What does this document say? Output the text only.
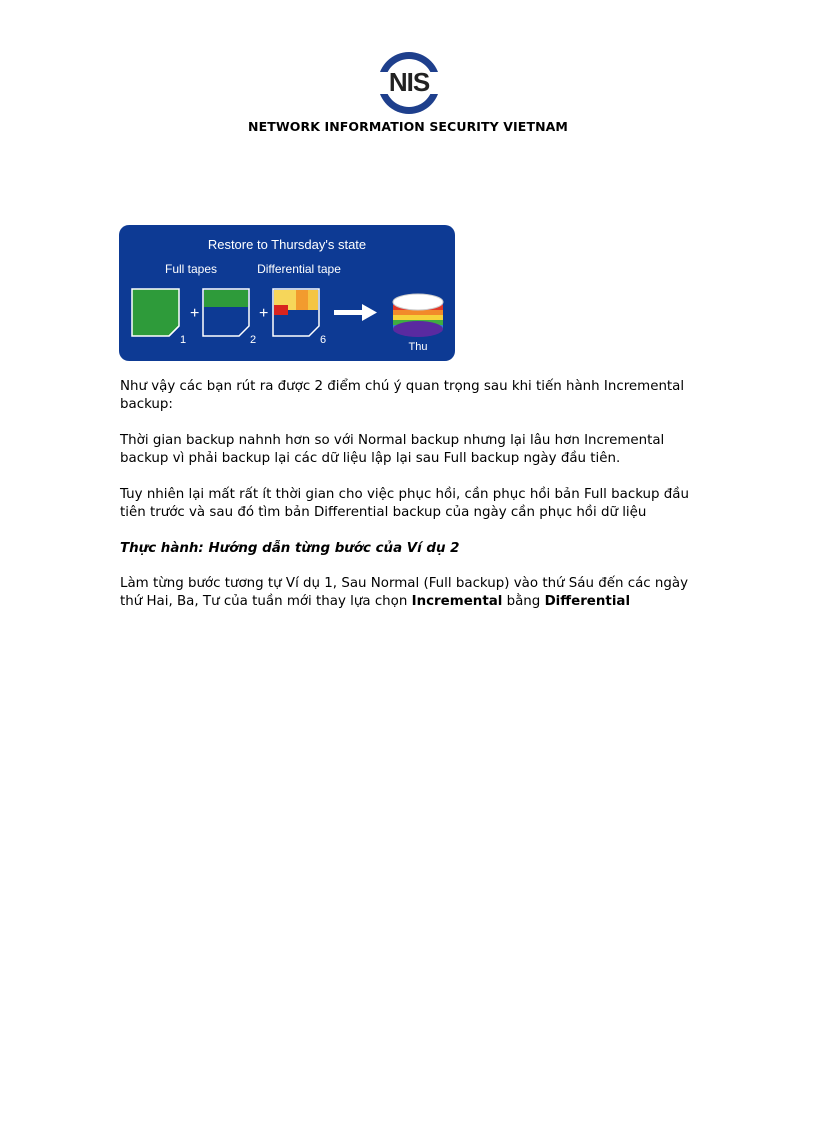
NIS
NETWORK INFORMATION SECURITY VIETNAM
Restore to Thursday's state
Full tapes	Differential tape
1
+
2
+
6
Thu

Như vậy các bạn rút ra được 2 điểm chú ý quan trọng sau khi tiến hành Incremental backup:

Thời gian backup nahnh hơn so với Normal backup nhưng lại lâu hơn Incremental backup vì phải backup lại các dữ liệu lập lại sau Full backup ngày đầu tiên.

Tuy nhiên lại mất rất ít thời gian cho việc phục hồi, cần phục hồi bản Full backup đầu tiên trước và sau đó tìm bản Differential backup của ngày cần phục hồi dữ liệu

Thực hành: Hướng dẫn từng bước của Ví dụ 2

Làm từng bước tương tự Ví dụ 1, Sau Normal (Full backup) vào thứ Sáu đến các ngày thứ Hai, Ba, Tư của tuần mới thay lựa chọn Incremental bằng Differential
